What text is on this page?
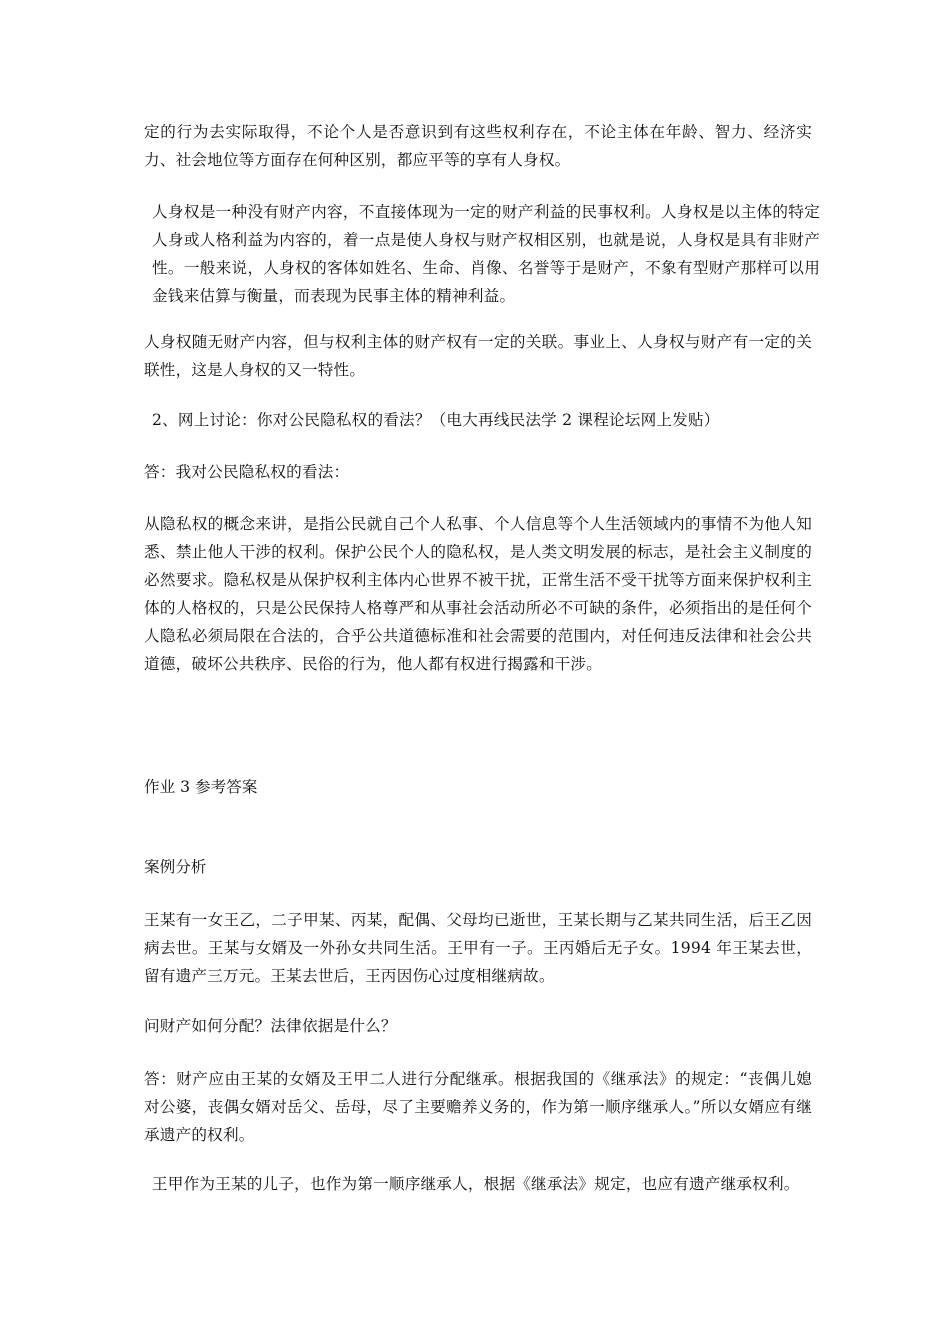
定的行为去实际取得，不论个人是否意识到有这些权利存在，不论主体在年龄、智力、经济实力、社会地位等方面存在何种区别，都应平等的享有人身权。

人身权是一种没有财产内容，不直接体现为一定的财产利益的民事权利。人身权是以主体的特定人身或人格利益为内容的，着一点是使人身权与财产权相区别，也就是说，人身权是具有非财产性。一般来说，人身权的客体如姓名、生命、肖像、名誉等于是财产，不象有型财产那样可以用金钱来估算与衡量，而表现为民事主体的精神利益。

人身权随无财产内容，但与权利主体的财产权有一定的关联。事业上、人身权与财产有一定的关联性，这是人身权的又一特性。

2、网上讨论：你对公民隐私权的看法？（电大再线民法学 2 课程论坛网上发贴）

答：我对公民隐私权的看法：

从隐私权的概念来讲，是指公民就自己个人私事、个人信息等个人生活领域内的事情不为他人知悉、禁止他人干涉的权利。保护公民个人的隐私权，是人类文明发展的标志，是社会主义制度的必然要求。隐私权是从保护权利主体内心世界不被干扰，正常生活不受干扰等方面来保护权利主体的人格权的，只是公民保持人格尊严和从事社会活动所必不可缺的条件，必须指出的是任何个人隐私必须局限在合法的，合乎公共道德标准和社会需要的范围内，对任何违反法律和社会公共道德，破坏公共秩序、民俗的行为，他人都有权进行揭露和干涉。

作业 3 参考答案

案例分析

王某有一女王乙，二子甲某、丙某，配偶、父母均已逝世，王某长期与乙某共同生活，后王乙因病去世。王某与女婿及一外孙女共同生活。王甲有一子。王丙婚后无子女。1994 年王某去世，留有遗产三万元。王某去世后，王丙因伤心过度相继病故。

问财产如何分配？法律依据是什么？

答：财产应由王某的女婿及王甲二人进行分配继承。根据我国的《继承法》的规定：“丧偶儿媳对公婆，丧偶女婿对岳父、岳母，尽了主要赡养义务的，作为第一顺序继承人。”所以女婿应有继承遗产的权利。

王甲作为王某的儿子，也作为第一顺序继承人，根据《继承法》规定，也应有遗产继承权利。
